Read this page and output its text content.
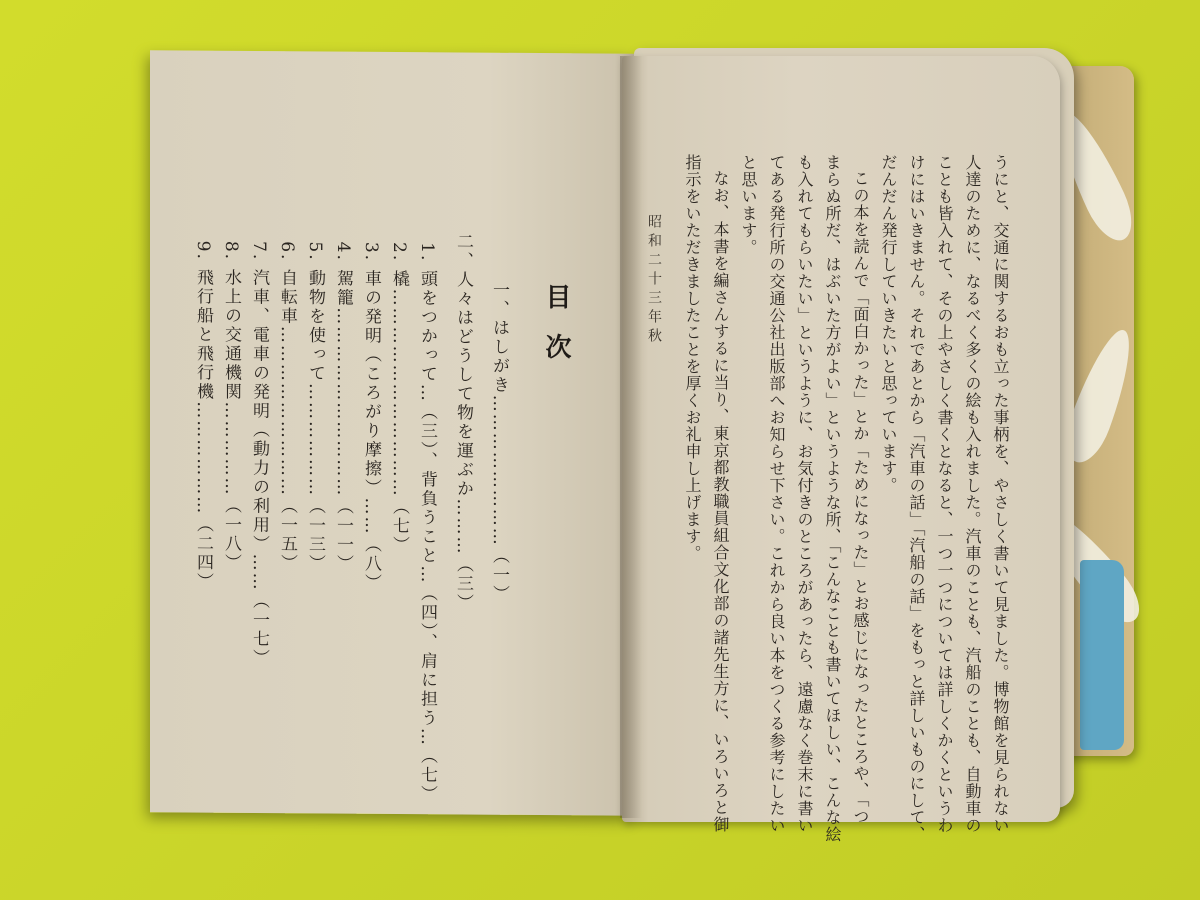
目次
一、はしがき……………………（一）
二、人々はどうして物を運ぶか………（三）
1. 頭をつかって…（三）、背負うこと…（四）、肩に担う…（七）
2. 橇……………………………（七）
3. 車の発明（ころがり摩擦）……（八）
4. 駕籠…………………………（一一）
5. 動物を使って………………（一三）
6. 自転車………………………（一五）
7. 汽車、電車の発明（動力の利用）……（一七）
8. 水上の交通機関……………（一八）
9. 飛行船と飛行機………………（二四）	うにと、交通に関するおも立った事柄を、やさしく書いて見ました。博物館を見られない
人達のために、なるべく多くの絵も入れました。汽車のことも、汽船のことも、自動車の
ことも皆入れて、その上やさしく書くとなると、一つ一つについては詳しくかくというわ
けにはいきません。それであとから「汽車の話」「汽船の話」をもっと詳しいものにして、
だんだん発行していきたいと思っています。
この本を読んで「面白かった」とか「ためになった」とお感じになったところや、「つ
まらぬ所だ、はぶいた方がよい」というような所、「こんなことも書いてほしい、こんな絵
も入れてもらいたい」というように、お気付きのところがあったら、遠慮なく巻末に書い
てある発行所の交通公社出版部へお知らせ下さい。これから良い本をつくる参考にしたい
と思います。
なお、本書を編さんするに当り、東京都教職員組合文化部の諸先生方に、いろいろと御
指示をいただきましたことを厚くお礼申し上げます。
昭和二十三年秋
